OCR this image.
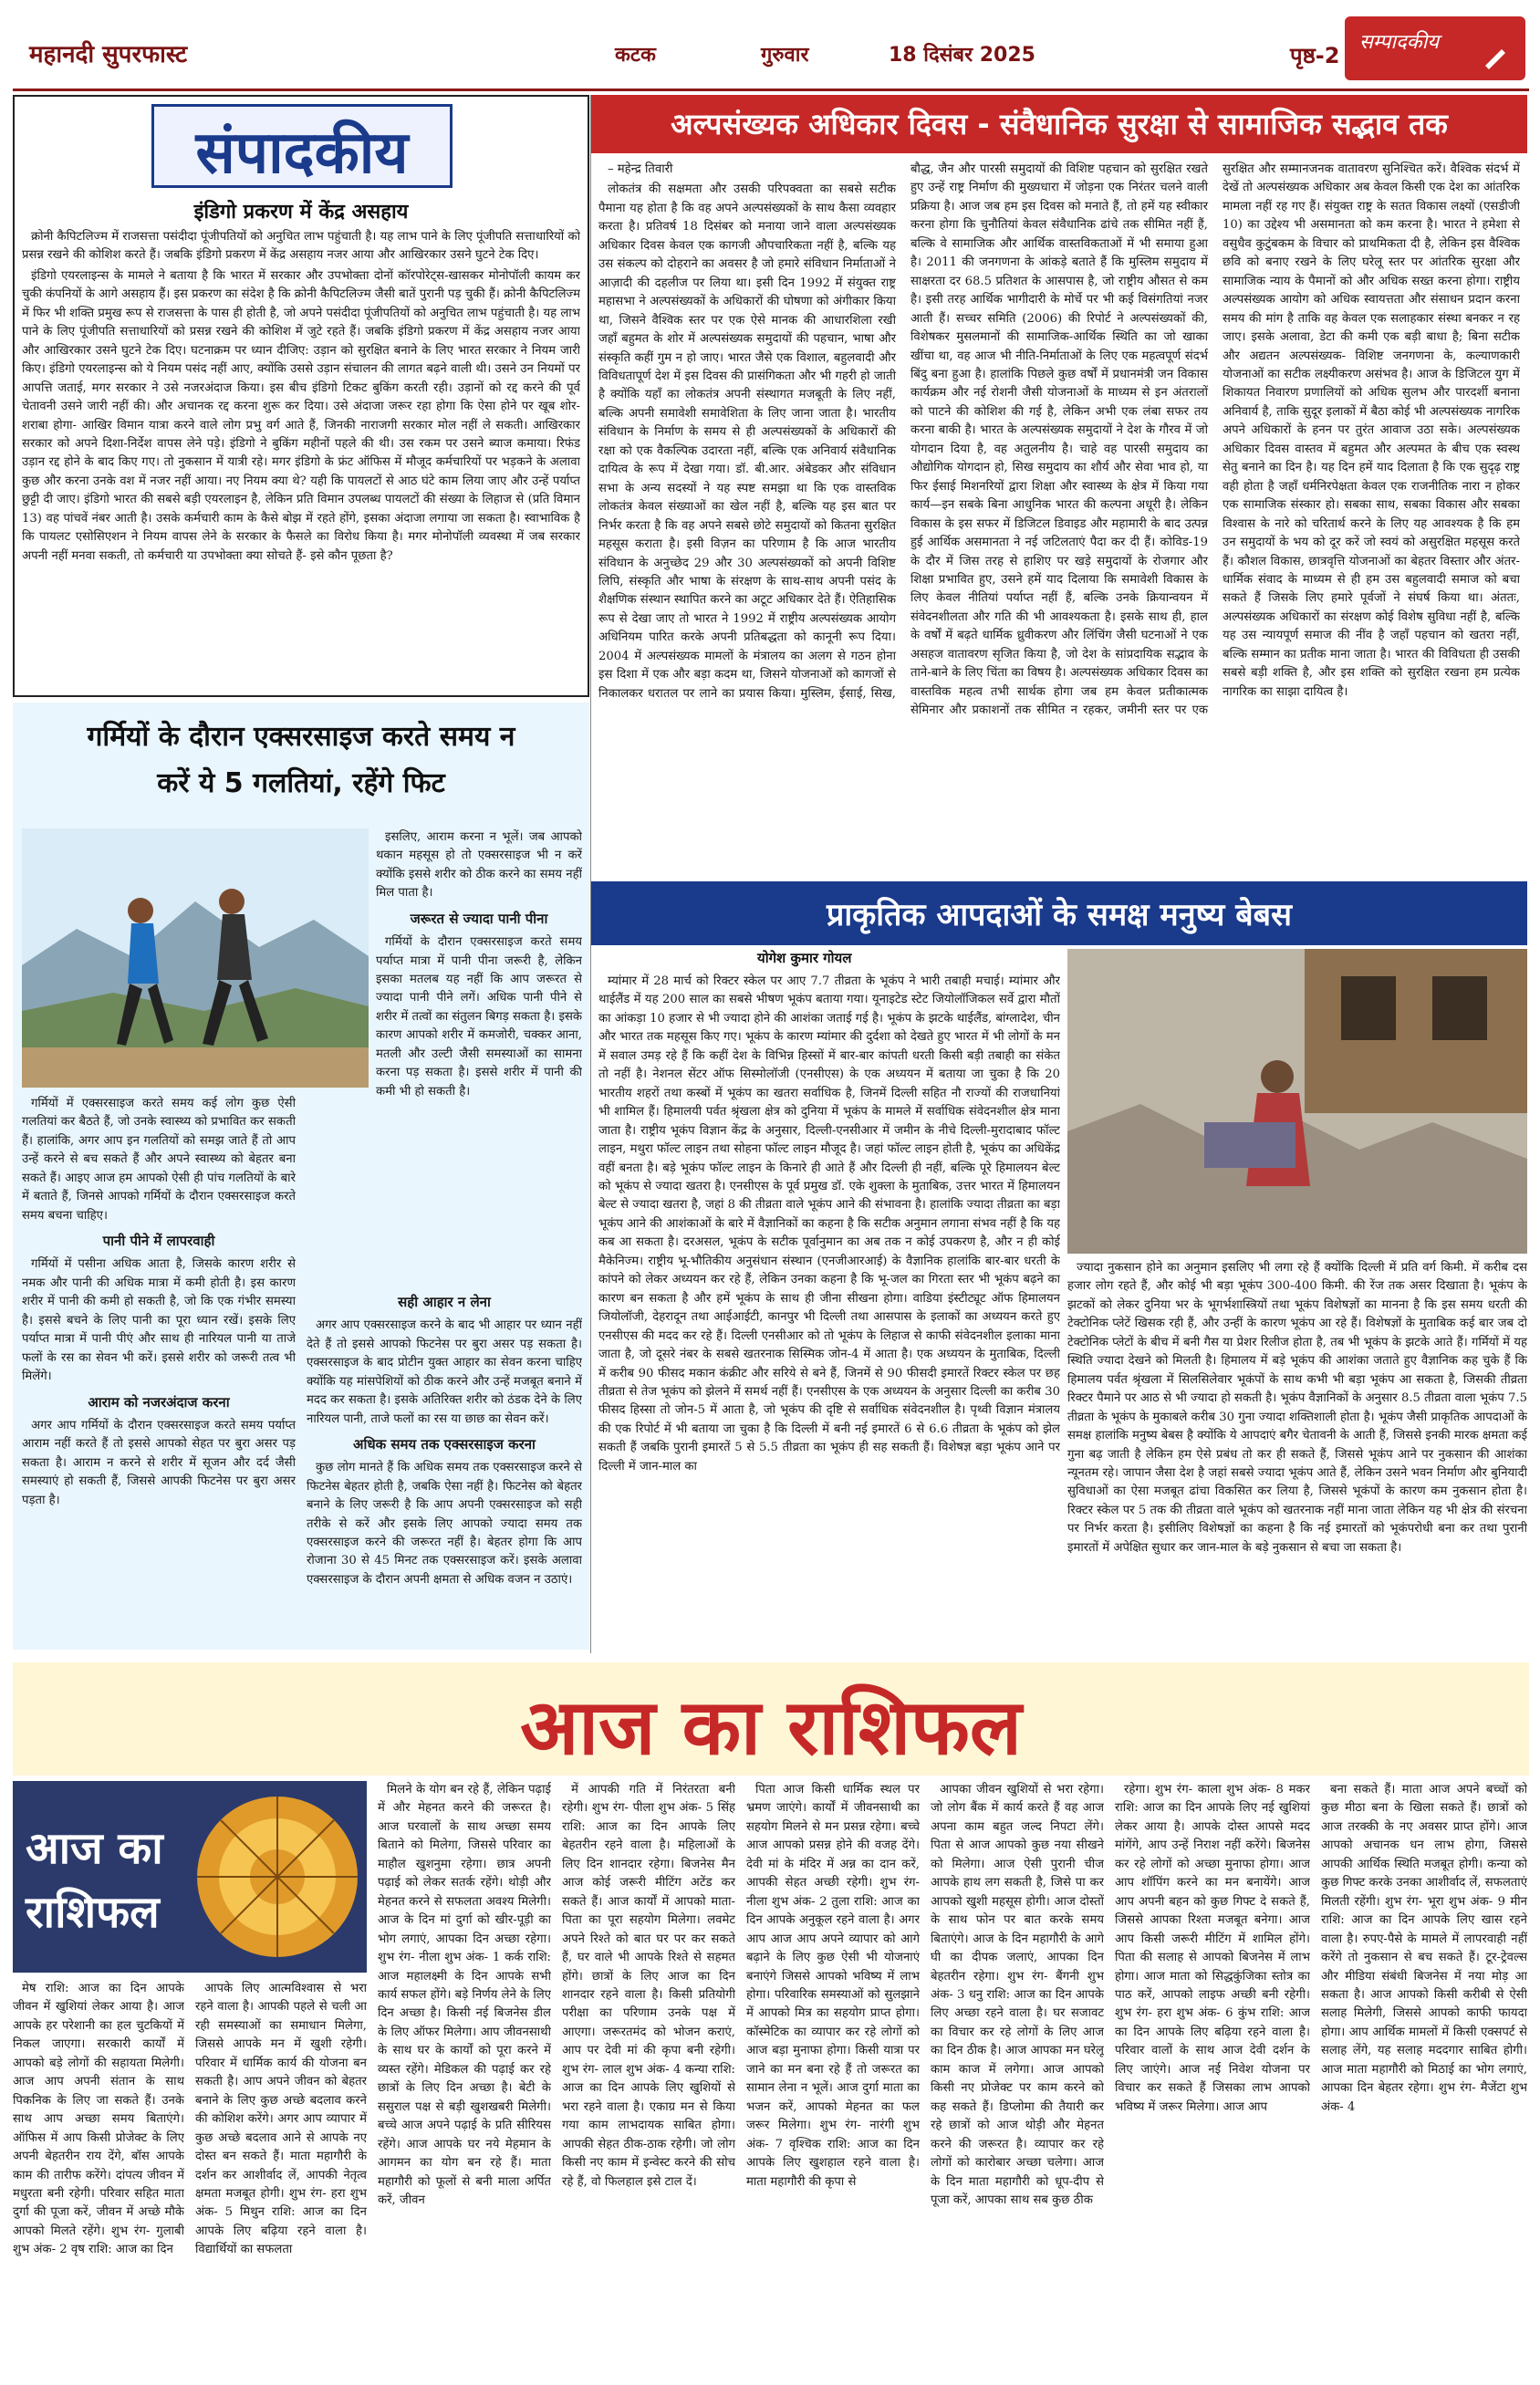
महानदी सुपरफास्ट	कटक	गुरुवार	18 दिसंबर 2025	पृष्ठ-2
सम्पादकीय
संपादकीय
इंडिगो प्रकरण में केंद्र असहाय

क्रोनी कैपिटलिज्म में राजसत्ता पसंदीदा पूंजीपतियों को अनुचित लाभ पहुंचाती है। यह लाभ पाने के लिए पूंजीपति सत्ताधारियों को प्रसन्न रखने की कोशिश करते हैं। जबकि इंडिगो प्रकरण में केंद्र असहाय नजर आया और आखिरकार उसने घुटने टेक दिए।

इंडिगो एयरलाइन्स के मामले ने बताया है कि भारत में सरकार और उपभोक्ता दोनों कॉरपोरेट्स-खासकर मोनोपॉली कायम कर चुकी कंपनियों के आगे असहाय हैं। इस प्रकरण का संदेश है कि क्रोनी कैपिटलिज्म जैसी बातें पुरानी पड़ चुकी हैं। क्रोनी कैपिटलिज्म में फिर भी शक्ति प्रमुख रूप से राजसत्ता के पास ही होती है, जो अपने पसंदीदा पूंजीपतियों को अनुचित लाभ पहुंचाती है। यह लाभ पाने के लिए पूंजीपति सत्ताधारियों को प्रसन्न रखने की कोशिश में जुटे रहते हैं। जबकि इंडिगो प्रकरण में केंद्र असहाय नजर आया और आखिरकार उसने घुटने टेक दिए। घटनाक्रम पर ध्यान दीजिए: उड़ान को सुरक्षित बनाने के लिए भारत सरकार ने नियम जारी किए। इंडिगो एयरलाइन्स को ये नियम पसंद नहीं आए, क्योंकि उससे उड़ान संचालन की लागत बढ़ने वाली थी। उसने उन नियमों पर आपत्ति जताई, मगर सरकार ने उसे नजरअंदाज किया। इस बीच इंडिगो टिकट बुकिंग करती रही। उड़ानों को रद्द करने की पूर्व चेतावनी उसने जारी नहीं की। और अचानक रद्द करना शुरू कर दिया। उसे अंदाजा जरूर रहा होगा कि ऐसा होने पर खूब शोर-शराबा होगा- आखिर विमान यात्रा करने वाले लोग प्रभु वर्ग आते हैं, जिनकी नाराजगी सरकार मोल नहीं ले सकती। आखिरकार सरकार को अपने दिशा-निर्देश वापस लेने पड़े। इंडिगो ने बुकिंग महीनों पहले की थी। उस रकम पर उसने ब्याज कमाया। रिफंड उड़ान रद्द होने के बाद किए गए। तो नुकसान में यात्री रहे। मगर इंडिगो के फ्रंट ऑफिस में मौजूद कर्मचारियों पर भड़कने के अलावा कुछ और करना उनके वश में नजर नहीं आया। नए नियम क्या थे? यही कि पायलटों से आठ घंटे काम लिया जाए और उन्हें पर्याप्त छुट्टी दी जाए। इंडिगो भारत की सबसे बड़ी एयरलाइन है, लेकिन प्रति विमान उपलब्ध पायलटों की संख्या के लिहाज से (प्रति विमान 13) वह पांचवें नंबर आती है। उसके कर्मचारी काम के कैसे बोझ में रहते होंगे, इसका अंदाजा लगाया जा सकता है। स्वाभाविक है कि पायलट एसोसिएशन ने नियम वापस लेने के सरकार के फैसले का विरोध किया है। मगर मोनोपॉली व्यवस्था में जब सरकार अपनी नहीं मनवा सकती, तो कर्मचारी या उपभोक्ता क्या सोचते हैं- इसे कौन पूछता है?

अल्पसंख्यक अधिकार दिवस - संवैधानिक सुरक्षा से सामाजिक सद्भाव तक

– महेन्द्र तिवारी

लोकतंत्र की सक्षमता और उसकी परिपक्वता का सबसे सटीक पैमाना यह होता है कि वह अपने अल्पसंख्यकों के साथ कैसा व्यवहार करता है। प्रतिवर्ष 18 दिसंबर को मनाया जाने वाला अल्पसंख्यक अधिकार दिवस केवल एक कागजी औपचारिकता नहीं है, बल्कि यह उस संकल्प को दोहराने का अवसर है जो हमारे संविधान निर्माताओं ने आज़ादी की दहलीज पर लिया था। इसी दिन 1992 में संयुक्त राष्ट्र महासभा ने अल्पसंख्यकों के अधिकारों की घोषणा को अंगीकार किया था, जिसने वैश्विक स्तर पर एक ऐसे मानक की आधारशिला रखी जहाँ बहुमत के शोर में अल्पसंख्यक समुदायों की पहचान, भाषा और संस्कृति कहीं गुम न हो जाए। भारत जैसे एक विशाल, बहुलवादी और विविधतापूर्ण देश में इस दिवस की प्रासंगिकता और भी गहरी हो जाती है क्योंकि यहाँ का लोकतंत्र अपनी संस्थागत मजबूती के लिए नहीं, बल्कि अपनी समावेशी समावेशिता के लिए जाना जाता है। भारतीय संविधान के निर्माण के समय से ही अल्पसंख्यकों के अधिकारों की रक्षा को एक वैकल्पिक उदारता नहीं, बल्कि एक अनिवार्य संवैधानिक दायित्व के रूप में देखा गया। डॉ. बी.आर. अंबेडकर और संविधान सभा के अन्य सदस्यों ने यह स्पष्ट समझा था कि एक वास्तविक लोकतंत्र केवल संख्याओं का खेल नहीं है, बल्कि यह इस बात पर निर्भर करता है कि वह अपने सबसे छोटे समुदायों को कितना सुरक्षित महसूस कराता है। इसी विज़न का परिणाम है कि आज भारतीय संविधान के अनुच्छेद 29 और 30 अल्पसंख्यकों को अपनी विशिष्ट लिपि, संस्कृति और भाषा के संरक्षण के साथ-साथ अपनी पसंद के शैक्षणिक संस्थान स्थापित करने का अटूट अधिकार देते हैं। ऐतिहासिक रूप से देखा जाए तो भारत ने 1992 में राष्ट्रीय अल्पसंख्यक आयोग अधिनियम पारित करके अपनी प्रतिबद्धता को कानूनी रूप दिया। 2004 में अल्पसंख्यक मामलों के मंत्रालय का अलग से गठन होना इस दिशा में एक और बड़ा कदम था, जिसने योजनाओं को कागजों से निकालकर धरातल पर लाने का प्रयास किया। मुस्लिम, ईसाई, सिख, बौद्ध, जैन और पारसी समुदायों की विशिष्ट पहचान को सुरक्षित रखते हुए उन्हें राष्ट्र निर्माण की मुख्यधारा में जोड़ना एक निरंतर चलने वाली प्रक्रिया है। आज जब हम इस दिवस को मनाते हैं, तो हमें यह स्वीकार करना होगा कि चुनौतियां केवल संवैधानिक ढांचे तक सीमित नहीं हैं, बल्कि वे सामाजिक और आर्थिक वास्तविकताओं में भी समाया हुआ है। 2011 की जनगणना के आंकड़े बताते हैं कि मुस्लिम समुदाय में साक्षरता दर 68.5 प्रतिशत के आसपास है, जो राष्ट्रीय औसत से कम है। इसी तरह आर्थिक भागीदारी के मोर्चे पर भी कई विसंगतियां नजर आती हैं। सच्चर समिति (2006) की रिपोर्ट ने अल्पसंख्यकों की, विशेषकर मुसलमानों की सामाजिक-आर्थिक स्थिति का जो खाका खींचा था, वह आज भी नीति-निर्माताओं के लिए एक महत्वपूर्ण संदर्भ बिंदु बना हुआ है। हालांकि पिछले कुछ वर्षों में प्रधानमंत्री जन विकास कार्यक्रम और नई रोशनी जैसी योजनाओं के माध्यम से इन अंतरालों को पाटने की कोशिश की गई है, लेकिन अभी एक लंबा सफर तय करना बाकी है। भारत के अल्पसंख्यक समुदायों ने देश के गौरव में जो योगदान दिया है, वह अतुलनीय है। चाहे वह पारसी समुदाय का औद्योगिक योगदान हो, सिख समुदाय का शौर्य और सेवा भाव हो, या फिर ईसाई मिशनरियों द्वारा शिक्षा और स्वास्थ्य के क्षेत्र में किया गया कार्य—इन सबके बिना आधुनिक भारत की कल्पना अधूरी है। लेकिन विकास के इस सफर में डिजिटल डिवाइड और महामारी के बाद उत्पन्न हुई आर्थिक असमानता ने नई जटिलताएं पैदा कर दी हैं। कोविड-19 के दौर में जिस तरह से हाशिए पर खड़े समुदायों के रोजगार और शिक्षा प्रभावित हुए, उसने हमें याद दिलाया कि समावेशी विकास के लिए केवल नीतियां पर्याप्त नहीं हैं, बल्कि उनके क्रियान्वयन में संवेदनशीलता और गति की भी आवश्यकता है। इसके साथ ही, हाल के वर्षों में बढ़ते धार्मिक ध्रुवीकरण और लिंचिंग जैसी घटनाओं ने एक असहज वातावरण सृजित किया है, जो देश के सांप्रदायिक सद्भाव के ताने-बाने के लिए चिंता का विषय है। अल्पसंख्यक अधिकार दिवस का वास्तविक महत्व तभी सार्थक होगा जब हम केवल प्रतीकात्मक सेमिनार और प्रकाशनों तक सीमित न रहकर, जमीनी स्तर पर एक सुरक्षित और सम्मानजनक वातावरण सुनिश्चित करें। वैश्विक संदर्भ में देखें तो अल्पसंख्यक अधिकार अब केवल किसी एक देश का आंतरिक मामला नहीं रह गए हैं। संयुक्त राष्ट्र के सतत विकास लक्ष्यों (एसडीजी 10) का उद्देश्य भी असमानता को कम करना है। भारत ने हमेशा से वसुधैव कुटुंबकम के विचार को प्राथमिकता दी है, लेकिन इस वैश्विक छवि को बनाए रखने के लिए घरेलू स्तर पर आंतरिक सुरक्षा और सामाजिक न्याय के पैमानों को और अधिक सख्त करना होगा। राष्ट्रीय अल्पसंख्यक आयोग को अधिक स्वायत्तता और संसाधन प्रदान करना समय की मांग है ताकि वह केवल एक सलाहकार संस्था बनकर न रह जाए। इसके अलावा, डेटा की कमी एक बड़ी बाधा है; बिना सटीक और अद्यतन अल्पसंख्यक- विशिष्ट जनगणना के, कल्याणकारी योजनाओं का सटीक लक्ष्यीकरण असंभव है। आज के डिजिटल युग में शिकायत निवारण प्रणालियों को अधिक सुलभ और पारदर्शी बनाना अनिवार्य है, ताकि सुदूर इलाकों में बैठा कोई भी अल्पसंख्यक नागरिक अपने अधिकारों के हनन पर तुरंत आवाज उठा सके। अल्पसंख्यक अधिकार दिवस वास्तव में बहुमत और अल्पमत के बीच एक स्वस्थ सेतु बनाने का दिन है। यह दिन हमें याद दिलाता है कि एक सुदृढ़ राष्ट्र वही होता है जहाँ धर्मनिरपेक्षता केवल एक राजनीतिक नारा न होकर एक सामाजिक संस्कार हो। सबका साथ, सबका विकास और सबका विश्वास के नारे को चरितार्थ करने के लिए यह आवश्यक है कि हम उन समुदायों के भय को दूर करें जो स्वयं को असुरक्षित महसूस करते हैं। कौशल विकास, छात्रवृत्ति योजनाओं का बेहतर विस्तार और अंतर-धार्मिक संवाद के माध्यम से ही हम उस बहुलवादी समाज को बचा सकते हैं जिसके लिए हमारे पूर्वजों ने संघर्ष किया था। अंततः, अल्पसंख्यक अधिकारों का संरक्षण कोई विशेष सुविधा नहीं है, बल्कि यह उस न्यायपूर्ण समाज की नींव है जहाँ पहचान को खतरा नहीं, बल्कि सम्मान का प्रतीक माना जाता है। भारत की विविधता ही उसकी सबसे बड़ी शक्ति है, और इस शक्ति को सुरक्षित रखना हम प्रत्येक नागरिक का साझा दायित्व है।

गर्मियों के दौरान एक्सरसाइज करते समय न
करें ये 5 गलतियां, रहेंगे फिट

इसलिए, आराम करना न भूलें। जब आपको थकान महसूस हो तो एक्सरसाइज भी न करें क्योंकि इससे शरीर को ठीक करने का समय नहीं मिल पाता है।

जरूरत से ज्यादा पानी पीना

गर्मियों के दौरान एक्सरसाइज करते समय पर्याप्त मात्रा में पानी पीना जरूरी है, लेकिन इसका मतलब यह नहीं कि आप जरूरत से ज्यादा पानी पीने लगें। अधिक पानी पीने से शरीर में तत्वों का संतुलन बिगड़ सकता है। इसके कारण आपको शरीर में कमजोरी, चक्कर आना, मतली और उल्टी जैसी समस्याओं का सामना करना पड़ सकता है। इससे शरीर में पानी की कमी भी हो सकती है।

गर्मियों में एक्सरसाइज करते समय कई लोग कुछ ऐसी गलतियां कर बैठते हैं, जो उनके स्वास्थ्य को प्रभावित कर सकती हैं। हालांकि, अगर आप इन गलतियों को समझ जाते हैं तो आप उन्हें करने से बच सकते हैं और अपने स्वास्थ्य को बेहतर बना सकते हैं। आइए आज हम आपको ऐसी ही पांच गलतियों के बारे में बताते हैं, जिनसे आपको गर्मियों के दौरान एक्सरसाइज करते समय बचना चाहिए।

पानी पीने में लापरवाही

गर्मियों में पसीना अधिक आता है, जिसके कारण शरीर से नमक और पानी की अधिक मात्रा में कमी होती है। इस कारण शरीर में पानी की कमी हो सकती है, जो कि एक गंभीर समस्या है। इससे बचने के लिए पानी का पूरा ध्यान रखें। इसके लिए पर्याप्त मात्रा में पानी पीएं और साथ ही नारियल पानी या ताजे फलों के रस का सेवन भी करें। इससे शरीर को जरूरी तत्व भी मिलेंगे।

आराम को नजरअंदाज करना

अगर आप गर्मियों के दौरान एक्सरसाइज करते समय पर्याप्त आराम नहीं करते हैं तो इससे आपको सेहत पर बुरा असर पड़ सकता है। आराम न करने से शरीर में सूजन और दर्द जैसी समस्याएं हो सकती हैं, जिससे आपकी फिटनेस पर बुरा असर पड़ता है।

सही आहार न लेना

अगर आप एक्सरसाइज करने के बाद भी आहार पर ध्यान नहीं देते हैं तो इससे आपको फिटनेस पर बुरा असर पड़ सकता है। एक्सरसाइज के बाद प्रोटीन युक्त आहार का सेवन करना चाहिए क्योंकि यह मांसपेशियों को ठीक करने और उन्हें मजबूत बनाने में मदद कर सकता है। इसके अतिरिक्त शरीर को ठंडक देने के लिए नारियल पानी, ताजे फलों का रस या छाछ का सेवन करें।

अधिक समय तक एक्सरसाइज करना

कुछ लोग मानते हैं कि अधिक समय तक एक्सरसाइज करने से फिटनेस बेहतर होती है, जबकि ऐसा नहीं है। फिटनेस को बेहतर बनाने के लिए जरूरी है कि आप अपनी एक्सरसाइज को सही तरीके से करें और इसके लिए आपको ज्यादा समय तक एक्सरसाइज करने की जरूरत नहीं है। बेहतर होगा कि आप रोजाना 30 से 45 मिनट तक एक्सरसाइज करें। इसके अलावा एक्सरसाइज के दौरान अपनी क्षमता से अधिक वजन न उठाएं।

प्राकृतिक आपदाओं के समक्ष मनुष्य बेबस
योगेश कुमार गोयल

म्यांमार में 28 मार्च को रिक्टर स्केल पर आए 7.7 तीव्रता के भूकंप ने भारी तबाही मचाई। म्यांमार और थाईलैंड में यह 200 साल का सबसे भीषण भूकंप बताया गया। यूनाइटेड स्टेट जियोलॉजिकल सर्वे द्वारा मौतों का आंकड़ा 10 हजार से भी ज्यादा होने की आशंका जताई गई है। भूकंप के झटके थाईलैंड, बांग्लादेश, चीन और भारत तक महसूस किए गए। भूकंप के कारण म्यांमार की दुर्दशा को देखते हुए भारत में भी लोगों के मन में सवाल उमड़ रहे हैं कि कहीं देश के विभिन्न हिस्सों में बार-बार कांपती धरती किसी बड़ी तबाही का संकेत तो नहीं है। नेशनल सेंटर ऑफ सिस्मोलॉजी (एनसीएस) के एक अध्ययन में बताया जा चुका है कि 20 भारतीय शहरों तथा कस्बों में भूकंप का खतरा सर्वाधिक है, जिनमें दिल्ली सहित नौ राज्यों की राजधानियां भी शामिल हैं। हिमालयी पर्वत श्रृंखला क्षेत्र को दुनिया में भूकंप के मामले में सर्वाधिक संवेदनशील क्षेत्र माना जाता है। राष्ट्रीय भूकंप विज्ञान केंद्र के अनुसार, दिल्ली-एनसीआर में जमीन के नीचे दिल्ली-मुरादाबाद फॉल्ट लाइन, मथुरा फॉल्ट लाइन तथा सोहना फॉल्ट लाइन मौजूद है। जहां फॉल्ट लाइन होती है, भूकंप का अधिकेंद्र वहीं बनता है। बड़े भूकंप फॉल्ट लाइन के किनारे ही आते हैं और दिल्ली ही नहीं, बल्कि पूरे हिमालयन बेल्ट को भूकंप से ज्यादा खतरा है। एनसीएस के पूर्व प्रमुख डॉ. एके शुक्ला के मुताबिक, उत्तर भारत में हिमालयन बेल्ट से ज्यादा खतरा है, जहां 8 की तीव्रता वाले भूकंप आने की संभावना है। हालांकि ज्यादा तीव्रता का बड़ा भूकंप आने की आशंकाओं के बारे में वैज्ञानिकों का कहना है कि सटीक अनुमान लगाना संभव नहीं है कि यह कब आ सकता है। दरअसल, भूकंप के सटीक पूर्वानुमान का अब तक न कोई उपकरण है, और न ही कोई मैकेनिज्म। राष्ट्रीय भू-भौतिकीय अनुसंधान संस्थान (एनजीआरआई) के वैज्ञानिक हालांकि बार-बार धरती के कांपने को लेकर अध्ययन कर रहे हैं, लेकिन उनका कहना है कि भू-जल का गिरता स्तर भी भूकंप बढ़ने का कारण बन सकता है और हमें भूकंप के साथ ही जीना सीखना होगा। वाडिया इंस्टीट्यूट ऑफ हिमालयन जियोलॉजी, देहरादून तथा आईआईटी, कानपुर भी दिल्ली तथा आसपास के इलाकों का अध्ययन करते हुए एनसीएस की मदद कर रहे हैं। दिल्ली एनसीआर को तो भूकंप के लिहाज से काफी संवेदनशील इलाका माना जाता है, जो दूसरे नंबर के सबसे खतरनाक सिस्मिक जोन-4 में आता है। एक अध्ययन के मुताबिक, दिल्ली में करीब 90 फीसद मकान कंक्रीट और सरिये से बने हैं, जिनमें से 90 फीसदी इमारतें रिक्टर स्केल पर छह तीव्रता से तेज भूकंप को झेलने में समर्थ नहीं हैं। एनसीएस के एक अध्ययन के अनुसार दिल्ली का करीब 30 फीसद हिस्सा तो जोन-5 में आता है, जो भूकंप की दृष्टि से सर्वाधिक संवेदनशील है। पृथ्वी विज्ञान मंत्रालय की एक रिपोर्ट में भी बताया जा चुका है कि दिल्ली में बनी नई इमारतें 6 से 6.6 तीव्रता के भूकंप को झेल सकती हैं जबकि पुरानी इमारतें 5 से 5.5 तीव्रता का भूकंप ही सह सकती हैं। विशेषज्ञ बड़ा भूकंप आने पर दिल्ली में जान-माल का

ज्यादा नुकसान होने का अनुमान इसलिए भी लगा रहे हैं क्योंकि दिल्ली में प्रति वर्ग किमी. में करीब दस हजार लोग रहते हैं, और कोई भी बड़ा भूकंप 300-400 किमी. की रेंज तक असर दिखाता है। भूकंप के झटकों को लेकर दुनिया भर के भूगर्भशास्त्रियों तथा भूकंप विशेषज्ञों का मानना है कि इस समय धरती की टेक्टोनिक प्लेटें खिसक रही हैं, और उन्हीं के कारण भूकंप आ रहे हैं। विशेषज्ञों के मुताबिक कई बार जब दो टेक्टोनिक प्लेटों के बीच में बनी गैस या प्रेशर रिलीज होता है, तब भी भूकंप के झटके आते हैं। गर्मियों में यह स्थिति ज्यादा देखने को मिलती है। हिमालय में बड़े भूकंप की आशंका जताते हुए वैज्ञानिक कह चुके हैं कि हिमालय पर्वत श्रृंखला में सिलसिलेवार भूकंपों के साथ कभी भी बड़ा भूकंप आ सकता है, जिसकी तीव्रता रिक्टर पैमाने पर आठ से भी ज्यादा हो सकती है। भूकंप वैज्ञानिकों के अनुसार 8.5 तीव्रता वाला भूकंप 7.5 तीव्रता के भूकंप के मुकाबले करीब 30 गुना ज्यादा शक्तिशाली होता है। भूकंप जैसी प्राकृतिक आपदाओं के समक्ष हालांकि मनुष्य बेबस है क्योंकि ये आपदाएं बगैर चेतावनी के आती हैं, जिससे इनकी मारक क्षमता कई गुना बढ़ जाती है लेकिन हम ऐसे प्रबंध तो कर ही सकते हैं, जिससे भूकंप आने पर नुकसान की आशंका न्यूनतम रहे। जापान जैसा देश है जहां सबसे ज्यादा भूकंप आते हैं, लेकिन उसने भवन निर्माण और बुनियादी सुविधाओं का ऐसा मजबूत ढांचा विकसित कर लिया है, जिससे भूकंपों के कारण कम नुकसान होता है। रिक्टर स्केल पर 5 तक की तीव्रता वाले भूकंप को खतरनाक नहीं माना जाता लेकिन यह भी क्षेत्र की संरचना पर निर्भर करता है। इसीलिए विशेषज्ञों का कहना है कि नई इमारतों को भूकंपरोधी बना कर तथा पुरानी इमारतों में अपेक्षित सुधार कर जान-माल के बड़े नुकसान से बचा जा सकता है।

आज का राशिफल
आज का
राशिफल

मेष राशि: आज का दिन आपके जीवन में खुशियां लेकर आया है। आज आपके हर परेशानी का हल चुटकियों में निकल जाएगा। सरकारी कार्यों में आपको बड़े लोगों की सहायता मिलेगी। आज आप अपनी संतान के साथ पिकनिक के लिए जा सकते हैं। उनके साथ आप अच्छा समय बिताएंगे। ऑफिस में आप किसी प्रोजेक्ट के लिए अपनी बेहतरीन राय देंगे, बॉस आपके काम की तारीफ करेंगे। दांपत्य जीवन में मधुरता बनी रहेगी। परिवार सहित माता दुर्गा की पूजा करें, जीवन में अच्छे मौके आपको मिलते रहेंगे। शुभ रंग- गुलाबी शुभ अंक- 2 वृष राशि: आज का दिन

आपके लिए आत्मविश्वास से भरा रहने वाला है। आपकी पहले से चली आ रही समस्याओं का समाधान मिलेगा, जिससे आपके मन में खुशी रहेगी। परिवार में धार्मिक कार्य की योजना बन सकती है। आप अपने जीवन को बेहतर बनाने के लिए कुछ अच्छे बदलाव करने की कोशिश करेंगे। अगर आप व्यापार में कुछ अच्छे बदलाव आने से आपके नए दोस्त बन सकते हैं। माता महागौरी के दर्शन कर आशीर्वाद लें, आपकी नेतृत्व क्षमता मजबूत होगी। शुभ रंग- हरा शुभ अंक- 5 मिथुन राशि: आज का दिन आपके लिए बढ़िया रहने वाला है। विद्यार्थियों का सफलता

मिलने के योग बन रहे हैं, लेकिन पढ़ाई में और मेहनत करने की जरूरत है। आज घरवालों के साथ अच्छा समय बिताने को मिलेगा, जिससे परिवार का माहौल खुशनुमा रहेगा। छात्र अपनी पढ़ाई को लेकर सतर्क रहेंगे। थोड़ी और मेहनत करने से सफलता अवश्य मिलेगी। आज के दिन मां दुर्गा को खीर-पूड़ी का भोग लगाएं, आपका दिन अच्छा रहेगा। शुभ रंग- नीला शुभ अंक- 1 कर्क राशि: आज महालक्ष्मी के दिन आपके सभी कार्य सफल होंगे। बड़े निर्णय लेने के लिए दिन अच्छा है। किसी नई बिजनेस डील के लिए ऑफर मिलेगा। आप जीवनसाथी के साथ घर के कार्यों को पूरा करने में व्यस्त रहेंगे। मेडिकल की पढ़ाई कर रहे छात्रों के लिए दिन अच्छा है। बेटी के ससुराल पक्ष से बड़ी खुशखबरी मिलेगी। बच्चे आज अपने पढ़ाई के प्रति सीरियस रहेंगे। आज आपके घर नये मेहमान के आगमन का योग बन रहे हैं। माता महागौरी को फूलों से बनी माला अर्पित करें, जीवन

में आपकी गति में निरंतरता बनी रहेगी। शुभ रंग- पीला शुभ अंक- 5 सिंह राशि: आज का दिन आपके लिए बेहतरीन रहने वाला है। महिलाओं के लिए दिन शानदार रहेगा। बिजनेस मैन आज कोई जरूरी मीटिंग अटेंड कर सकते हैं। आज कार्यों में आपको माता-पिता का पूरा सहयोग मिलेगा। लवमेट अपने रिश्ते को बात घर पर कर सकते हैं, घर वाले भी आपके रिश्ते से सहमत होंगे। छात्रों के लिए आज का दिन शानदार रहने वाला है। किसी प्रतियोगी परीक्षा का परिणाम उनके पक्ष में आएगा। जरूरतमंद को भोजन कराएं, आप पर देवी मां की कृपा बनी रहेगी। शुभ रंग- लाल शुभ अंक- 4 कन्या राशि: आज का दिन आपके लिए खुशियों से भरा रहने वाला है। एकाग्र मन से किया गया काम लाभदायक साबित होगा। आपकी सेहत ठीक-ठाक रहेगी। जो लोग किसी नए काम में इन्वेस्ट करने की सोच रहे हैं, वो फिलहाल इसे टाल दें।

पिता आज किसी धार्मिक स्थल पर भ्रमण जाएंगे। कार्यों में जीवनसाथी का सहयोग मिलने से मन प्रसन्न रहेगा। बच्चे आज आपको प्रसन्न होने की वजह देंगे। देवी मां के मंदिर में अन्न का दान करें, आपकी सेहत अच्छी रहेगी। शुभ रंग- नीला शुभ अंक- 2 तुला राशि: आज का दिन आपके अनुकूल रहने वाला है। अगर आप आज आप अपने व्यापार को आगे बढ़ाने के लिए कुछ ऐसी भी योजनाएं बनाएंगे जिससे आपको भविष्य में लाभ होगा। परिवारिक समस्याओं को सुलझाने में आपको मित्र का सहयोग प्राप्त होगा। कॉस्मेटिक का व्यापार कर रहे लोगों को आज बड़ा मुनाफा होगा। किसी यात्रा पर जाने का मन बना रहे हैं तो जरूरत का सामान लेना न भूलें। आज दुर्गा माता का भजन करें, आपको मेहनत का फल जरूर मिलेगा। शुभ रंग- नारंगी शुभ अंक- 7 वृश्चिक राशि: आज का दिन आपके लिए खुशहाल रहने वाला है। माता महागौरी की कृपा से

आपका जीवन खुशियों से भरा रहेगा। जो लोग बैंक में कार्य करते हैं वह आज अपना काम बहुत जल्द निपटा लेंगे। पिता से आज आपको कुछ नया सीखने को मिलेगा। आज ऐसी पुरानी चीज आपके हाथ लग सकती है, जिसे पा कर आपको खुशी महसूस होगी। आज दोस्तों के साथ फोन पर बात करके समय बिताएंगे। आज के दिन महागौरी के आगे घी का दीपक जलाएं, आपका दिन बेहतरीन रहेगा। शुभ रंग- बैंगनी शुभ अंक- 3 धनु राशि: आज का दिन आपके लिए अच्छा रहने वाला है। घर सजावट का विचार कर रहे लोगों के लिए आज का दिन ठीक है। आज आपका मन घरेलू काम काज में लगेगा। आज आपको किसी नए प्रोजेक्ट पर काम करने को कह सकते हैं। डिप्लोमा की तैयारी कर रहे छात्रों को आज थोड़ी और मेहनत करने की जरूरत है। व्यापार कर रहे लोगों को कारोबार अच्छा चलेगा। आज के दिन माता महागौरी को धूप-दीप से पूजा करें, आपका साथ सब कुछ ठीक

रहेगा। शुभ रंग- काला शुभ अंक- 8 मकर राशि: आज का दिन आपके लिए नई खुशियां लेकर आया है। आपके दोस्त आपसे मदद मांगेंगे, आप उन्हें निराश नहीं करेंगे। बिजनेस कर रहे लोगों को अच्छा मुनाफा होगा। आज आप शॉपिंग करने का मन बनायेंगे। आज आप अपनी बहन को कुछ गिफ्ट दे सकते हैं, जिससे आपका रिश्ता मजबूत बनेगा। आज आप किसी जरूरी मीटिंग में शामिल होंगे। पिता की सलाह से आपको बिजनेस में लाभ होगा। आज माता को सिद्धकुंजिका स्तोत्र का पाठ करें, आपको लाइफ अच्छी बनी रहेगी। शुभ रंग- हरा शुभ अंक- 6 कुंभ राशि: आज का दिन आपके लिए बढ़िया रहने वाला है। परिवार वालों के साथ आज देवी दर्शन के लिए जाएंगे। आज नई निवेश योजना पर विचार कर सकते हैं जिसका लाभ आपको भविष्य में जरूर मिलेगा। आज आप

बना सकते हैं। माता आज अपने बच्चों को कुछ मीठा बना के खिला सकते हैं। छात्रों को आज तरक्की के नए अवसर प्राप्त होंगे। आज आपको अचानक धन लाभ होगा, जिससे आपकी आर्थिक स्थिति मजबूत होगी। कन्या को कुछ गिफ्ट करके उनका आशीर्वाद लें, सफलताएं मिलती रहेंगी। शुभ रंग- भूरा शुभ अंक- 9 मीन राशि: आज का दिन आपके लिए खास रहने वाला है। रुपए-पैसे के मामले में लापरवाही नहीं करेंगे तो नुकसान से बच सकते हैं। टूर-ट्रेवल्स और मीडिया संबंधी बिजनेस में नया मोड़ आ सकता है। आज आपको किसी करीबी से ऐसी सलाह मिलेगी, जिससे आपको काफी फायदा होगा। आप आर्थिक मामलों में किसी एक्सपर्ट से सलाह लेंगे, यह सलाह मददगार साबित होगी। आज माता महागौरी को मिठाई का भोग लगाएं, आपका दिन बेहतर रहेगा। शुभ रंग- मैजेंटा शुभ अंक- 4
